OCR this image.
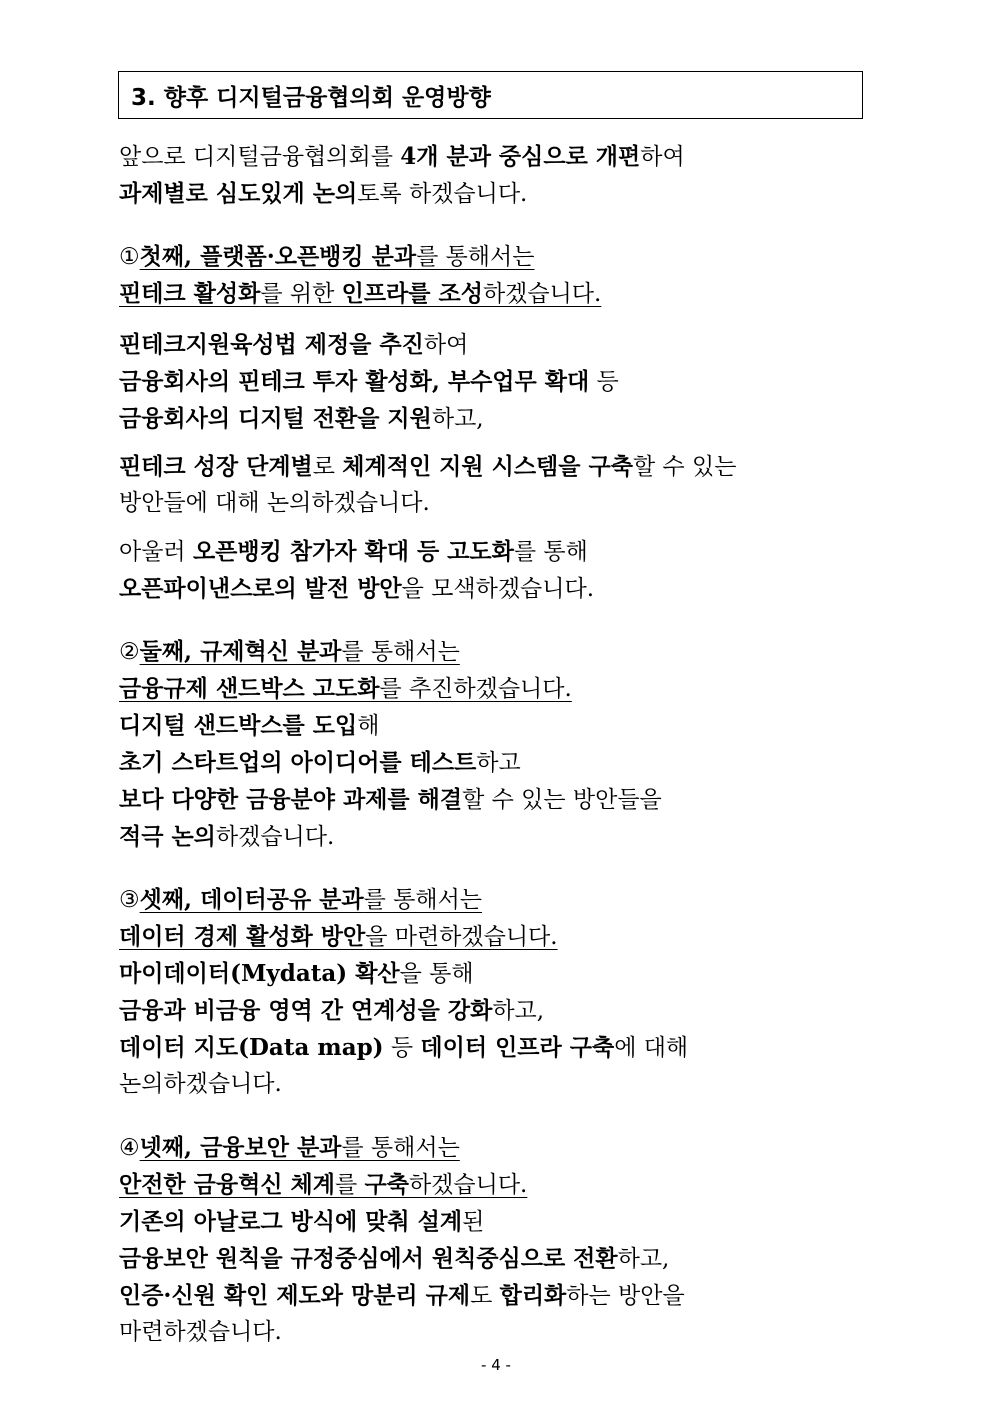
3. 향후 디지털금융협의회 운영방향
앞으로 디지털금융협의회를 4개 분과 중심으로 개편하여
과제별로 심도있게 논의토록 하겠습니다.
①첫째, 플랫폼·오픈뱅킹 분과를 통해서는
핀테크 활성화를 위한 인프라를 조성하겠습니다.
핀테크지원육성법 제정을 추진하여
금융회사의 핀테크 투자 활성화, 부수업무 확대 등
금융회사의 디지털 전환을 지원하고,
핀테크 성장 단계별로 체계적인 지원 시스템을 구축할 수 있는
방안들에 대해 논의하겠습니다.
아울러 오픈뱅킹 참가자 확대 등 고도화를 통해
오픈파이낸스로의 발전 방안을 모색하겠습니다.
②둘째, 규제혁신 분과를 통해서는
금융규제 샌드박스 고도화를 추진하겠습니다.
디지털 샌드박스를 도입해
초기 스타트업의 아이디어를 테스트하고
보다 다양한 금융분야 과제를 해결할 수 있는 방안들을
적극 논의하겠습니다.
③셋째, 데이터공유 분과를 통해서는
데이터 경제 활성화 방안을 마련하겠습니다.
마이데이터(Mydata) 확산을 통해
금융과 비금융 영역 간 연계성을 강화하고,
데이터 지도(Data map) 등 데이터 인프라 구축에 대해
논의하겠습니다.
④넷째, 금융보안 분과를 통해서는
안전한 금융혁신 체계를 구축하겠습니다.
기존의 아날로그 방식에 맞춰 설계된
금융보안 원칙을 규정중심에서 원칙중심으로 전환하고,
인증·신원 확인 제도와 망분리 규제도 합리화하는 방안을
마련하겠습니다.
- 4 -
